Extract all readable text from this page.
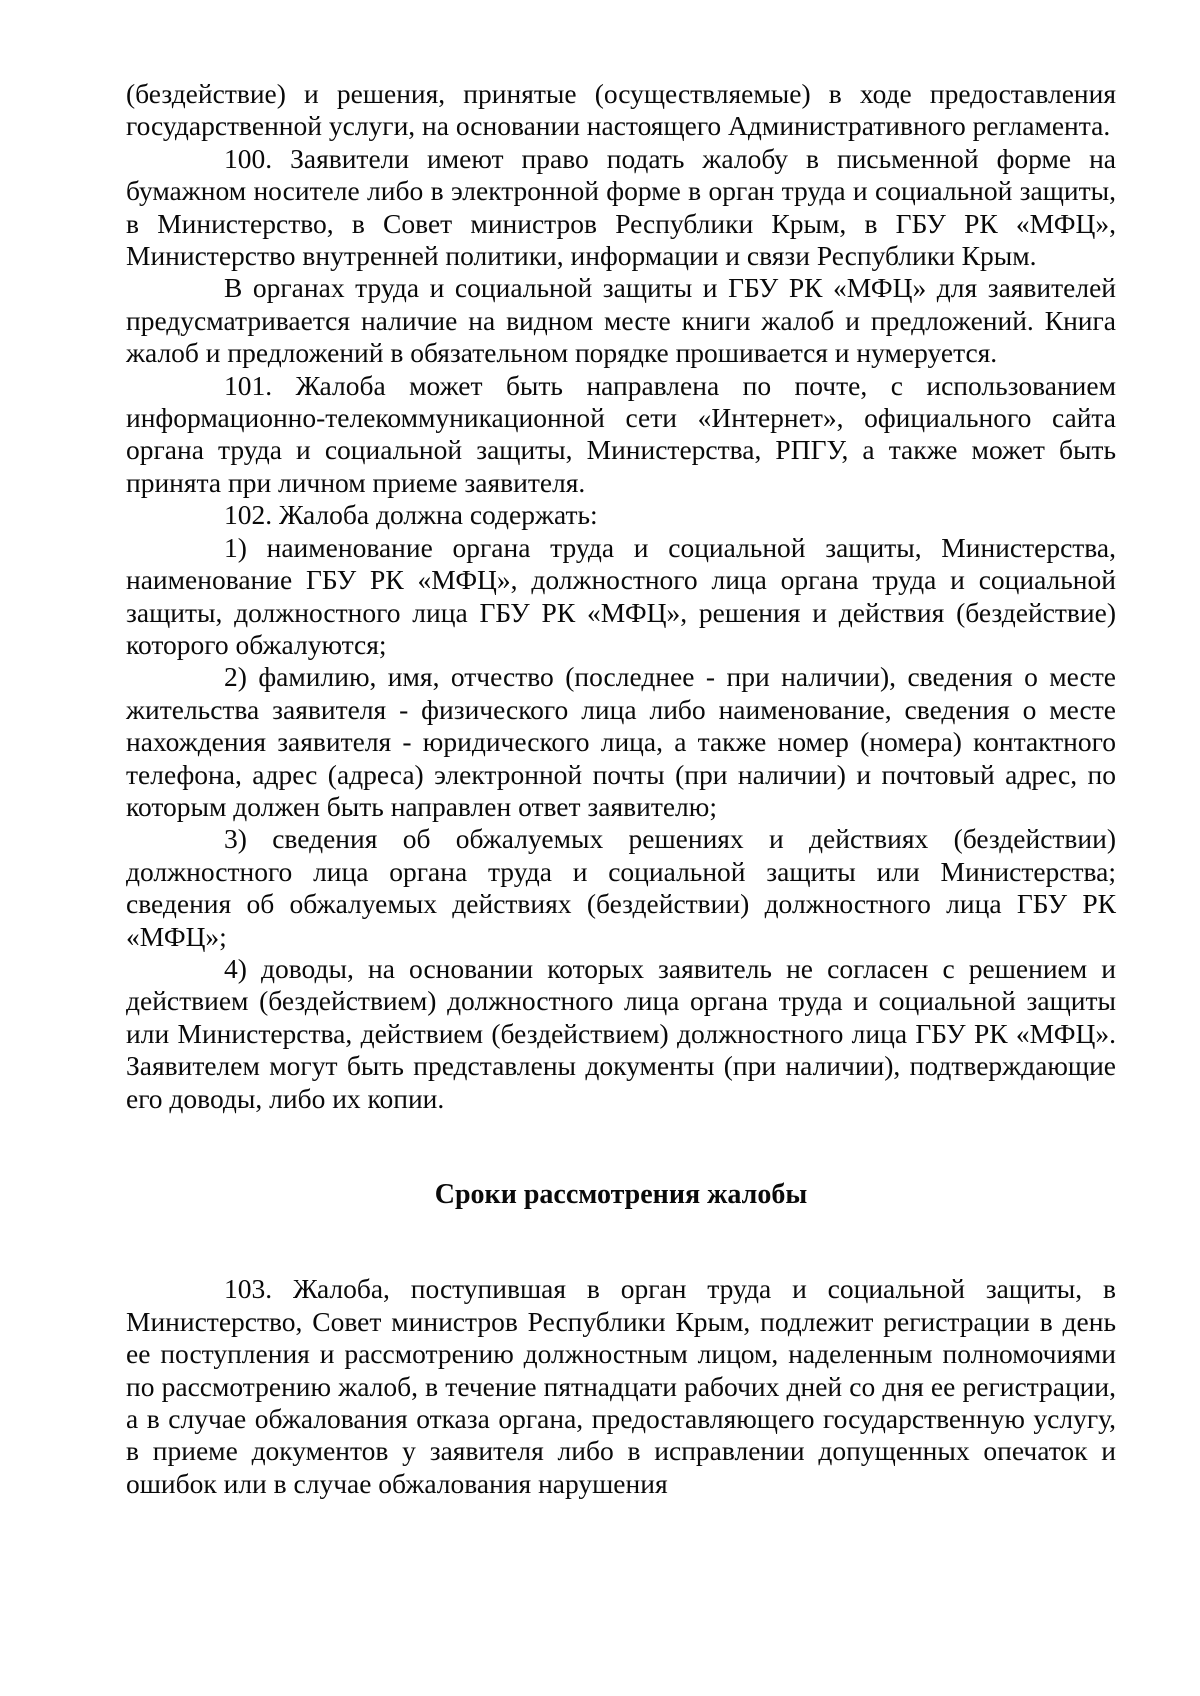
(бездействие) и решения, принятые (осуществляемые) в ходе предоставления государственной услуги, на основании настоящего Административного регламента.

100. Заявители имеют право подать жалобу в письменной форме на бумажном носителе либо в электронной форме в орган труда и социальной защиты, в Министерство, в Совет министров Республики Крым, в ГБУ РК «МФЦ», Министерство внутренней политики, информации и связи Республики Крым.

В органах труда и социальной защиты и ГБУ РК «МФЦ» для заявителей предусматривается наличие на видном месте книги жалоб и предложений. Книга жалоб и предложений в обязательном порядке прошивается и нумеруется.

101. Жалоба может быть направлена по почте, с использованием информационно-телекоммуникационной сети «Интернет», официального сайта органа труда и социальной защиты, Министерства, РПГУ, а также может быть принята при личном приеме заявителя.

102. Жалоба должна содержать:

1) наименование органа труда и социальной защиты, Министерства, наименование ГБУ РК «МФЦ», должностного лица органа труда и социальной защиты, должностного лица ГБУ РК «МФЦ», решения и действия (бездействие) которого обжалуются;

2) фамилию, имя, отчество (последнее - при наличии), сведения о месте жительства заявителя - физического лица либо наименование, сведения о месте нахождения заявителя - юридического лица, а также номер (номера) контактного телефона, адрес (адреса) электронной почты (при наличии) и почтовый адрес, по которым должен быть направлен ответ заявителю;

3) сведения об обжалуемых решениях и действиях (бездействии) должностного лица органа труда и социальной защиты или Министерства; сведения об обжалуемых действиях (бездействии) должностного лица ГБУ РК «МФЦ»;

4) доводы, на основании которых заявитель не согласен с решением и действием (бездействием) должностного лица органа труда и социальной защиты или Министерства, действием (бездействием) должностного лица ГБУ РК «МФЦ». Заявителем могут быть представлены документы (при наличии), подтверждающие его доводы, либо их копии.

Сроки рассмотрения жалобы

103. Жалоба, поступившая в орган труда и социальной защиты, в Министерство, Совет министров Республики Крым, подлежит регистрации в день ее поступления и рассмотрению должностным лицом, наделенным полномочиями по рассмотрению жалоб, в течение пятнадцати рабочих дней со дня ее регистрации, а в случае обжалования отказа органа, предоставляющего государственную услугу, в приеме документов у заявителя либо в исправлении допущенных опечаток и ошибок или в случае обжалования нарушения
